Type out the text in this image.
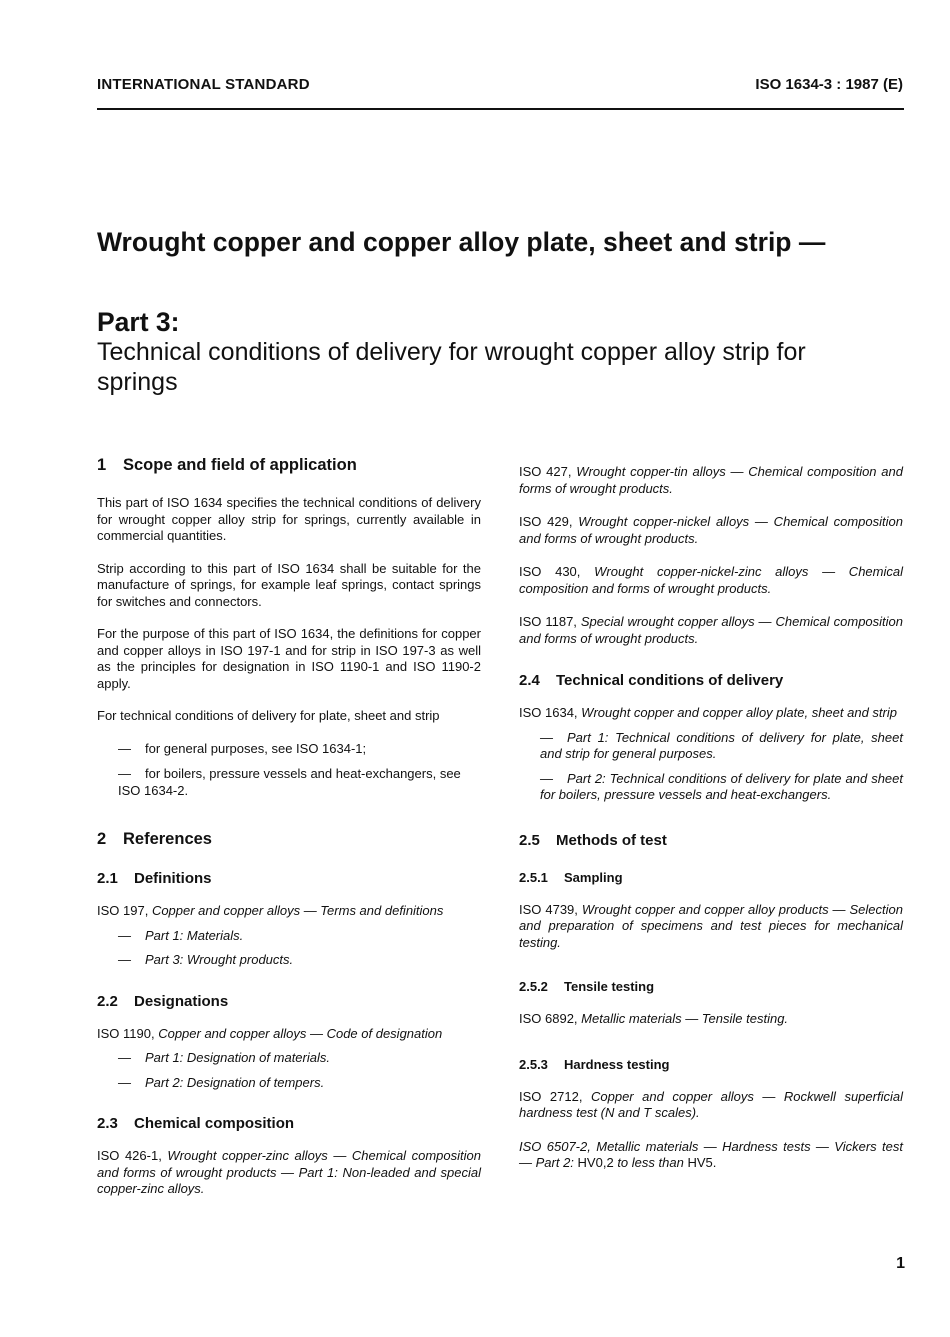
INTERNATIONAL STANDARD	ISO 1634-3 : 1987 (E)
Wrought copper and copper alloy plate, sheet and strip —
Part 3:
Technical conditions of delivery for wrought copper alloy strip for springs
1 Scope and field of application

This part of ISO 1634 specifies the technical conditions of delivery for wrought copper alloy strip for springs, currently available in commercial quantities.

Strip according to this part of ISO 1634 shall be suitable for the manufacture of springs, for example leaf springs, contact springs for switches and connectors.

For the purpose of this part of ISO 1634, the definitions for copper and copper alloys in ISO 197-1 and for strip in ISO 197-3 as well as the principles for designation in ISO 1190-1 and ISO 1190-2 apply.

For technical conditions of delivery for plate, sheet and strip

— for general purposes, see ISO 1634-1;
— for boilers, pressure vessels and heat-exchangers, see ISO 1634-2.
2 References
2.1 Definitions

ISO 197, Copper and copper alloys — Terms and definitions

— Part 1: Materials.
— Part 3: Wrought products.
2.2 Designations

ISO 1190, Copper and copper alloys — Code of designation

— Part 1: Designation of materials.
— Part 2: Designation of tempers.
2.3 Chemical composition

ISO 426-1, Wrought copper-zinc alloys — Chemical composition and forms of wrought products — Part 1: Non-leaded and special copper-zinc alloys.

ISO 427, Wrought copper-tin alloys — Chemical composition and forms of wrought products.

ISO 429, Wrought copper-nickel alloys — Chemical composition and forms of wrought products.

ISO 430, Wrought copper-nickel-zinc alloys — Chemical composition and forms of wrought products.

ISO 1187, Special wrought copper alloys — Chemical composition and forms of wrought products.

2.4 Technical conditions of delivery

ISO 1634, Wrought copper and copper alloy plate, sheet and strip

— Part 1: Technical conditions of delivery for plate, sheet and strip for general purposes.
— Part 2: Technical conditions of delivery for plate and sheet for boilers, pressure vessels and heat-exchangers.
2.5 Methods of test
2.5.1 Sampling

ISO 4739, Wrought copper and copper alloy products — Selection and preparation of specimens and test pieces for mechanical testing.

2.5.2 Tensile testing

ISO 6892, Metallic materials — Tensile testing.

2.5.3 Hardness testing

ISO 2712, Copper and copper alloys — Rockwell superficial hardness test (N and T scales).

ISO 6507-2, Metallic materials — Hardness tests — Vickers test — Part 2: HV0,2 to less than HV5.

1
